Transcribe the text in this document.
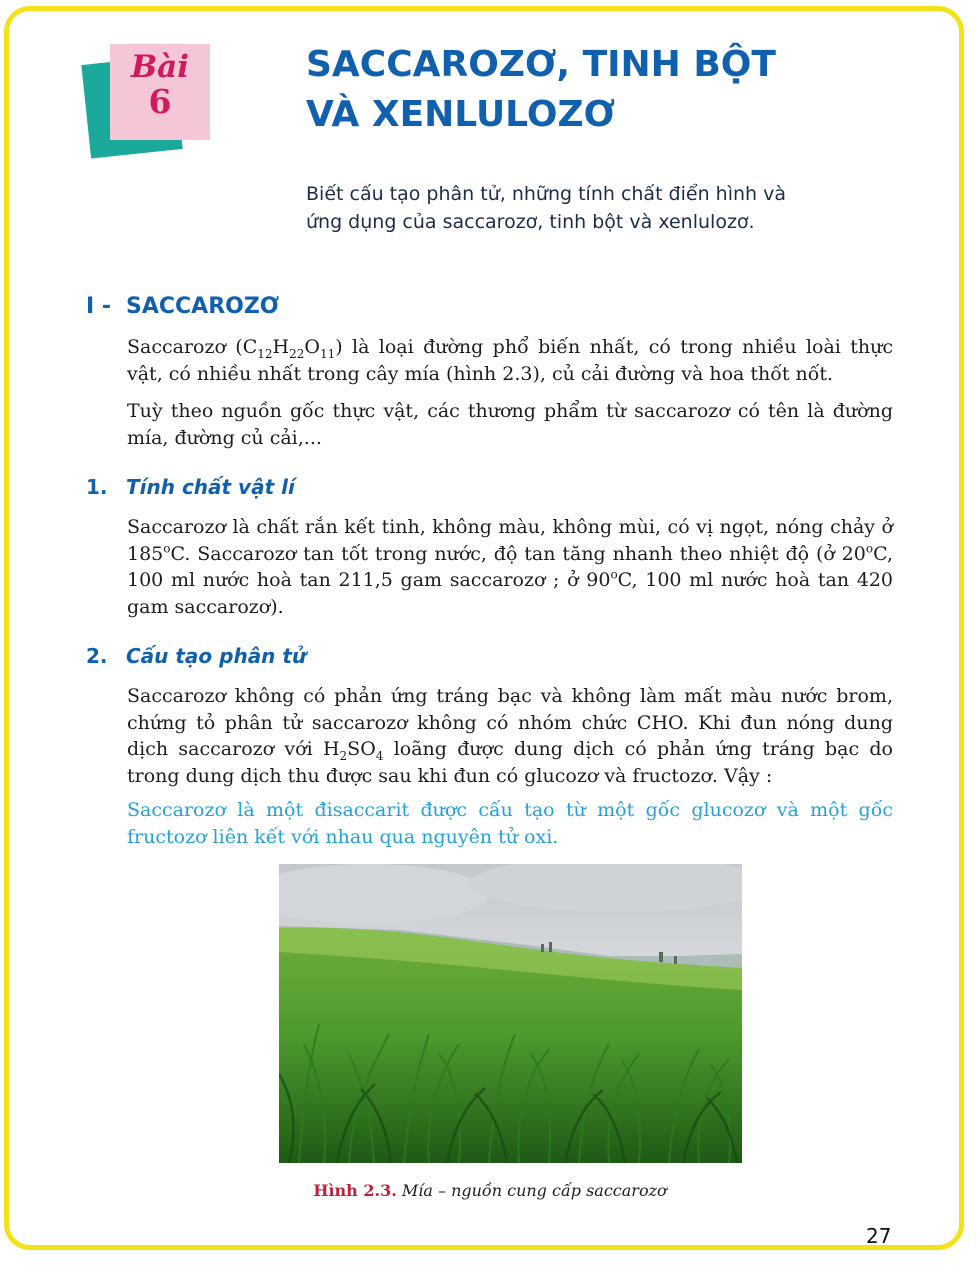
Bài
6
SACCAROZƠ, TINH BỘT
VÀ XENLULOZƠ

Biết cấu tạo phân tử, những tính chất điển hình và ứng dụng của saccarozơ, tinh bột và xenlulozơ.

I - SACCAROZƠ

Saccarozơ $(C_{12}H_{22}O_{11})$ là loại đường phổ biến nhất, có trong nhiều loài thực vật, có nhiều nhất trong cây mía (hình 2.3), củ cải đường và hoa thốt nốt.

Tuỳ theo nguồn gốc thực vật, các thương phẩm từ saccarozơ có tên là đường mía, đường củ cải,...

1. Tính chất vật lí

Saccarozơ là chất rắn kết tinh, không màu, không mùi, có vị ngọt, nóng chảy ở 185$^o$C. Saccarozơ tan tốt trong nước, độ tan tăng nhanh theo nhiệt độ (ở 20$^o$C, 100 ml nước hoà tan 211,5 gam saccarozơ ; ở 90$^o$C, 100 ml nước hoà tan 420 gam saccarozơ).

2. Cấu tạo phân tử

Saccarozơ không có phản ứng tráng bạc và không làm mất màu nước brom, chứng tỏ phân tử saccarozơ không có nhóm chức CHO. Khi đun nóng dung dịch saccarozơ với $H_2SO_4$ loãng được dung dịch có phản ứng tráng bạc do trong dung dịch thu được sau khi đun có glucozơ và fructozơ. Vậy :

Saccarozơ là một đisaccarit được cấu tạo từ một gốc glucozơ và một gốc fructozơ liên kết với nhau qua nguyên tử oxi.

Hình 2.3. Mía – nguồn cung cấp saccarozơ

27
